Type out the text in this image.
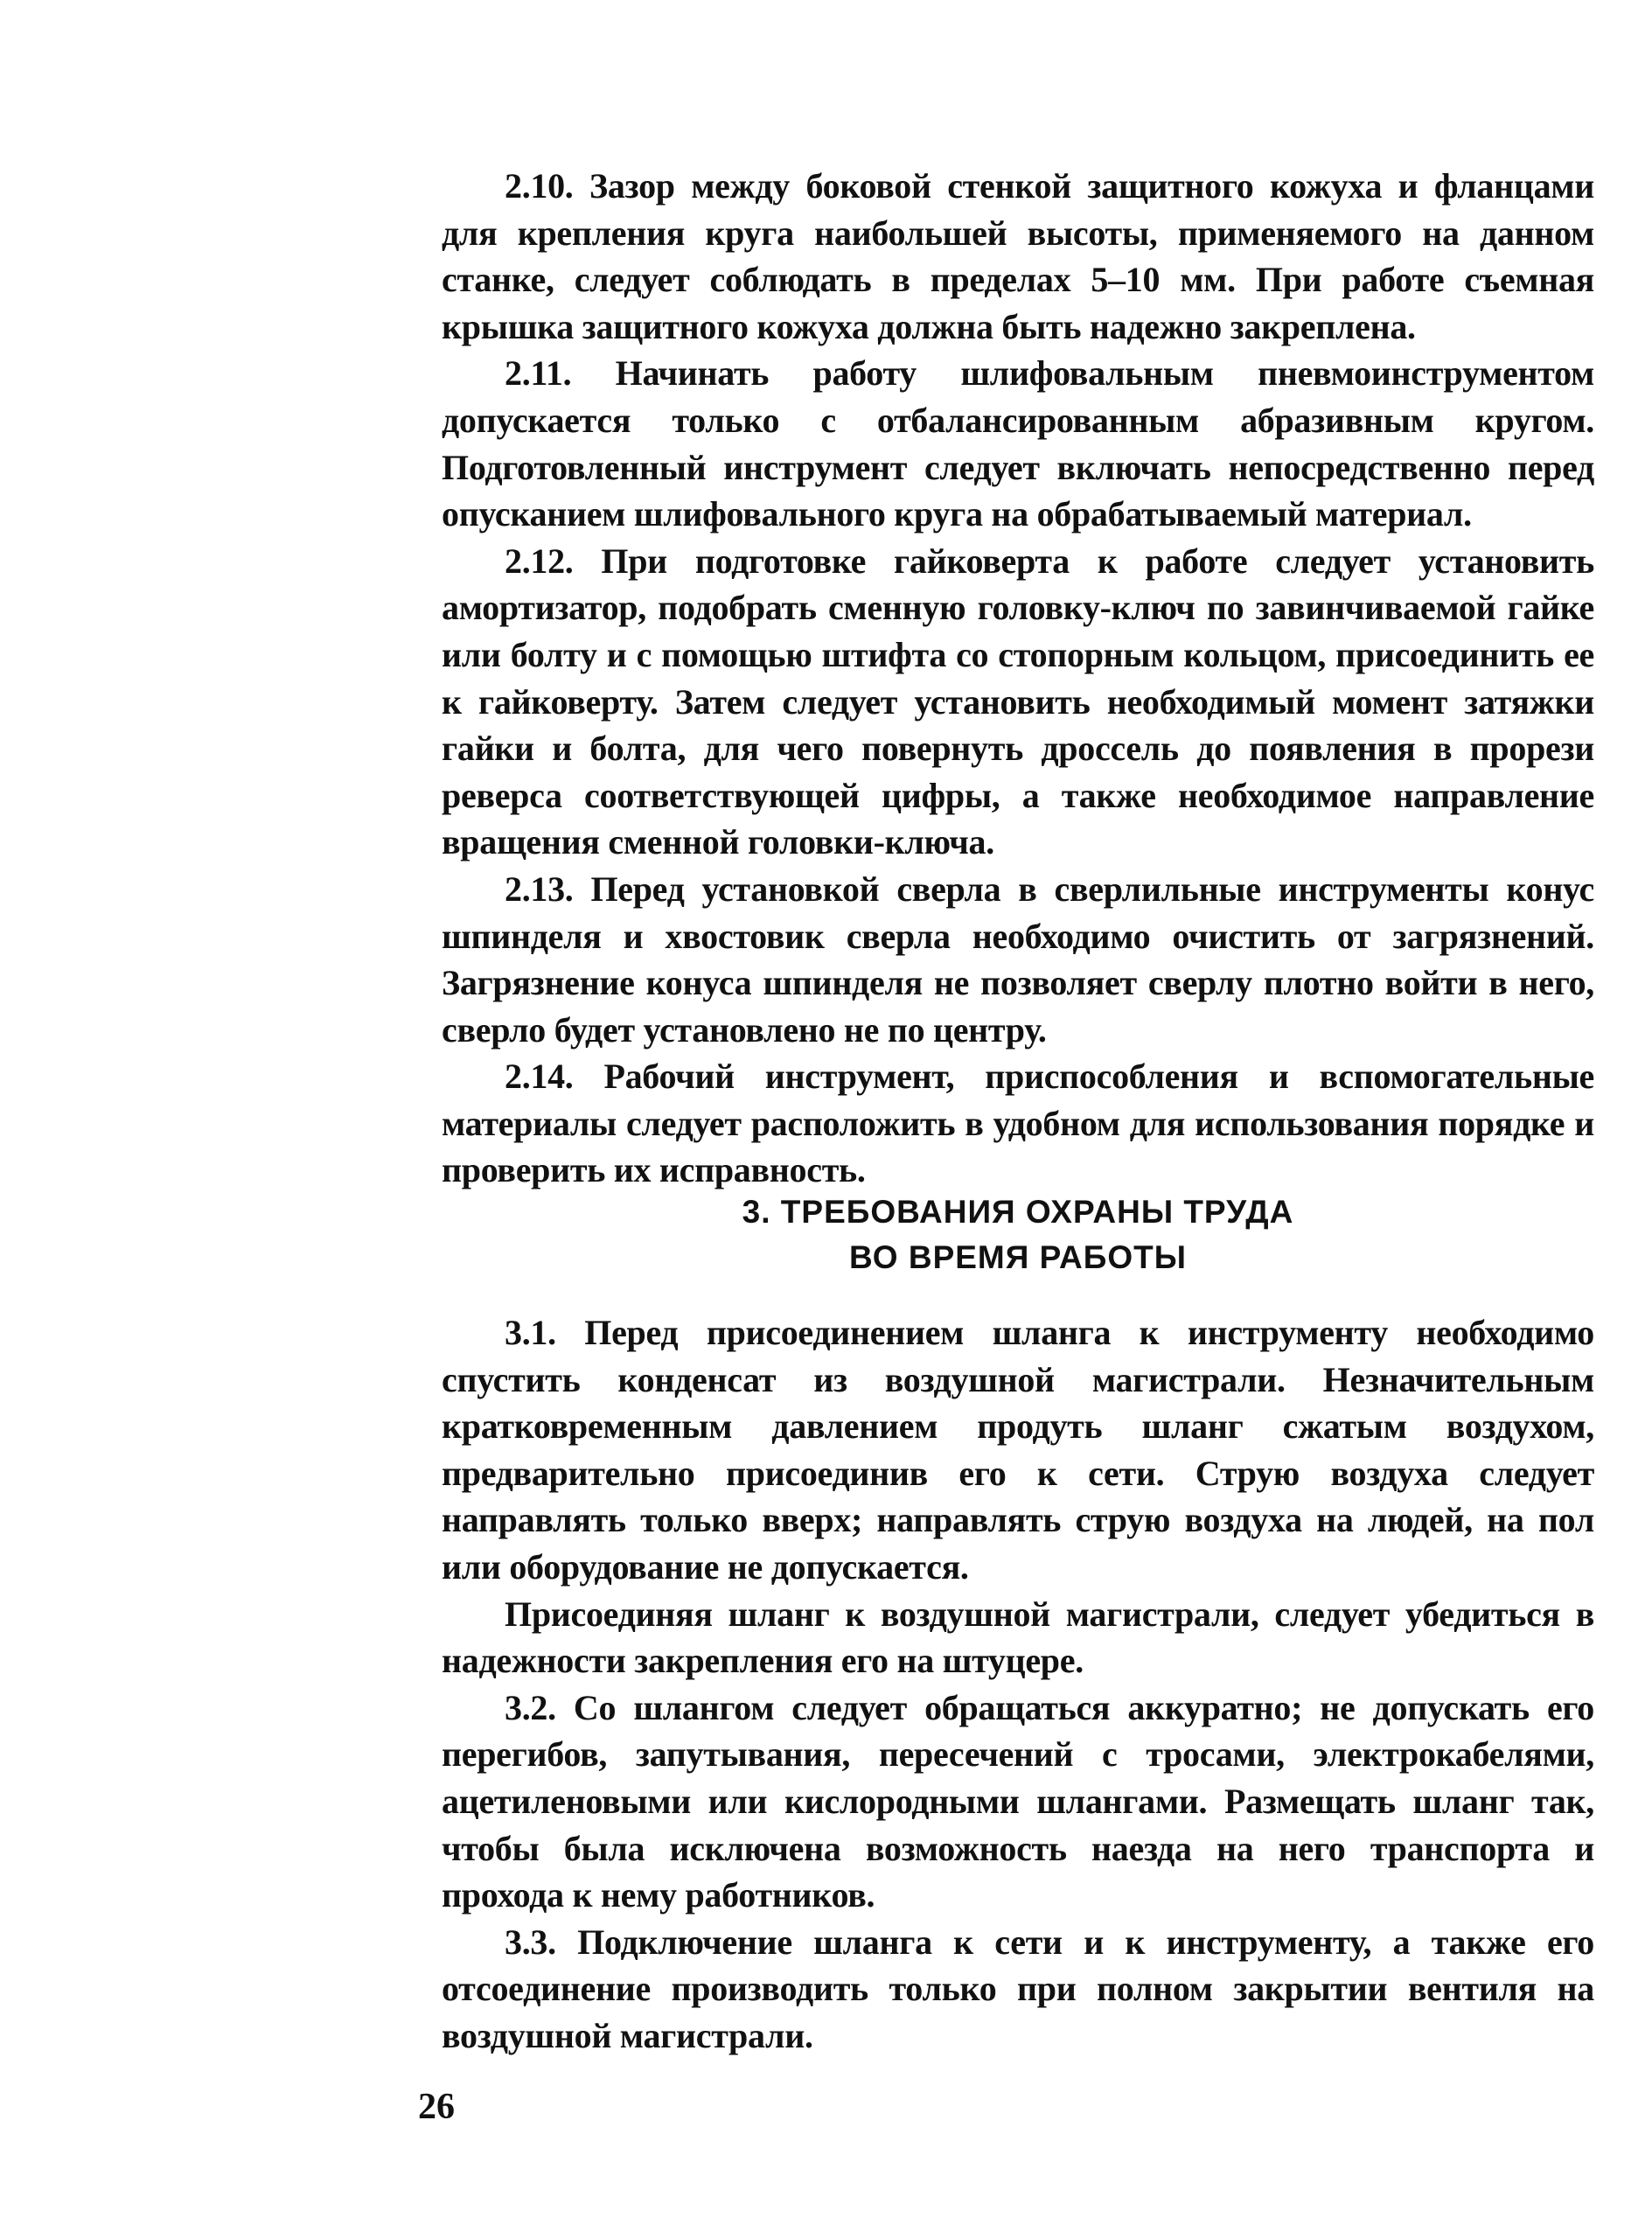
2.10. Зазор между боковой стенкой защитного кожуха и фланцами для крепления круга наибольшей высоты, применяемого на данном станке, следует соблюдать в пределах 5–10 мм. При работе съемная крышка защитного кожуха должна быть надежно закреплена.

2.11. Начинать работу шлифовальным пневмоинструментом допускается только с отбалансированным абразивным кругом. Подготовленный инструмент следует включать непосредственно перед опусканием шлифовального круга на обрабатываемый материал.

2.12. При подготовке гайковерта к работе следует установить амортизатор, подобрать сменную головку-ключ по завинчиваемой гайке или болту и с помощью штифта со стопорным кольцом, присоединить ее к гайковерту. Затем следует установить необходимый момент затяжки гайки и болта, для чего повернуть дроссель до появления в прорези реверса соответствующей цифры, а также необходимое направление вращения сменной головки-ключа.

2.13. Перед установкой сверла в сверлильные инструменты конус шпинделя и хвостовик сверла необходимо очистить от загрязнений. Загрязнение конуса шпинделя не позволяет сверлу плотно войти в него, сверло будет установлено не по центру.

2.14. Рабочий инструмент, приспособления и вспомогательные материалы следует расположить в удобном для использования порядке и проверить их исправность.

3. ТРЕБОВАНИЯ ОХРАНЫ ТРУДА
ВО ВРЕМЯ РАБОТЫ

3.1. Перед присоединением шланга к инструменту необходимо спустить конденсат из воздушной магистрали. Незначительным кратковременным давлением продуть шланг сжатым воздухом, предварительно присоединив его к сети. Струю воздуха следует направлять только вверх; направлять струю воздуха на людей, на пол или оборудование не допускается.

Присоединяя шланг к воздушной магистрали, следует убедиться в надежности закрепления его на штуцере.

3.2. Со шлангом следует обращаться аккуратно; не допускать его перегибов, запутывания, пересечений с тросами, электрокабелями, ацетиленовыми или кислородными шлангами. Размещать шланг так, чтобы была исключена возможность наезда на него транспорта и прохода к нему работников.

3.3. Подключение шланга к сети и к инструменту, а также его отсоединение производить только при полном закрытии вентиля на воздушной магистрали.

26
